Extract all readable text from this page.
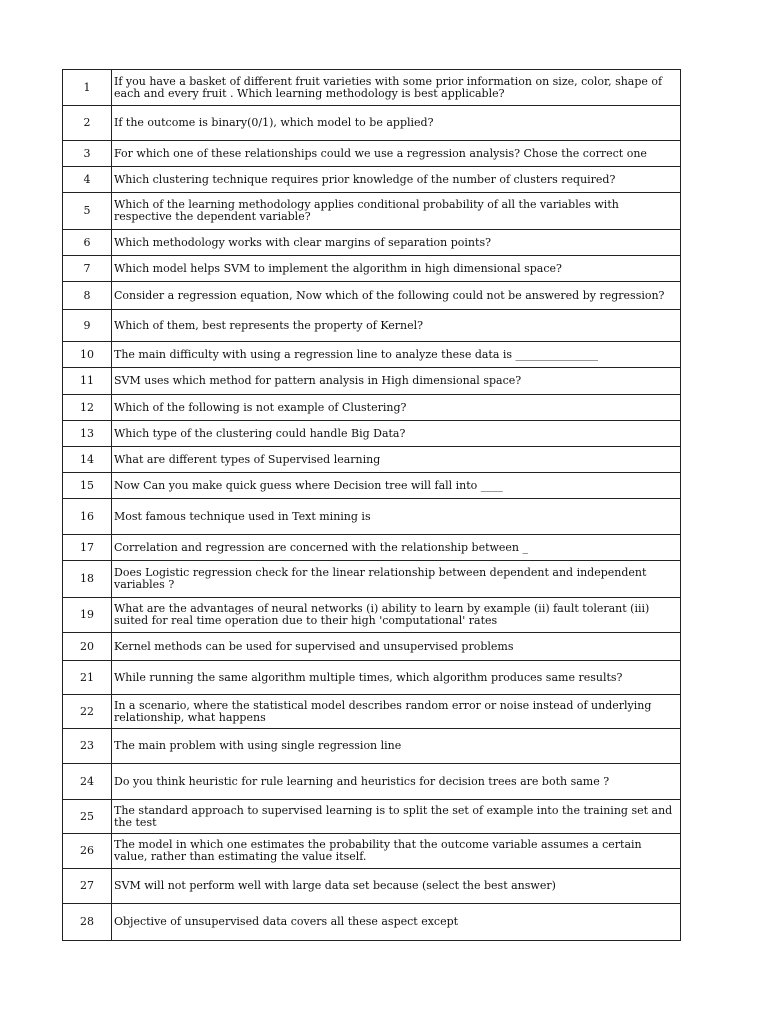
1	If you have a basket of different fruit varieties with some prior information on size, color, shape of each and every fruit . Which learning methodology is best applicable?
2	If the outcome is binary(0/1), which model to be applied?
3	For which one of these relationships could we use a regression analysis? Chose the correct one
4	Which clustering technique requires prior knowledge of the number of clusters required?
5	Which of the learning methodology applies conditional probability of all the variables with respective the dependent variable?
6	Which methodology works with clear margins of separation points?
7	Which model helps SVM to implement the algorithm in high dimensional space?
8	Consider a regression equation, Now which of the following could not be answered by regression?
9	Which of them, best represents the property of Kernel?
10	The main difficulty with using a regression line to analyze these data is _______________
11	SVM uses which method for pattern analysis in High dimensional space?
12	Which of the following is not example of Clustering?
13	Which type of the clustering could handle Big Data?
14	What are different types of Supervised learning
15	Now Can you make quick guess where Decision tree will fall into ____
16	Most famous technique used in Text mining is
17	Correlation and regression are concerned with the relationship between _
18	Does Logistic regression check for the linear relationship between dependent and independent variables ?
19	What are the advantages of neural networks (i) ability to learn by example (ii) fault tolerant (iii) suited for real time operation due to their high 'computational' rates
20	Kernel methods can be used for supervised and unsupervised problems
21	While running the same algorithm multiple times, which algorithm produces same results?
22	In a scenario, where the statistical model describes random error or noise instead of underlying relationship, what happens
23	The main problem with using single regression line
24	Do you think heuristic for rule learning and heuristics for decision trees are both same ?
25	The standard approach to supervised learning is to split the set of example into the training set and the test
26	The model in which one estimates the probability that the outcome variable assumes a certain value, rather than estimating the value itself.
27	SVM will not perform well with large data set because (select the best answer)
28	Objective of unsupervised data covers all these aspect except
